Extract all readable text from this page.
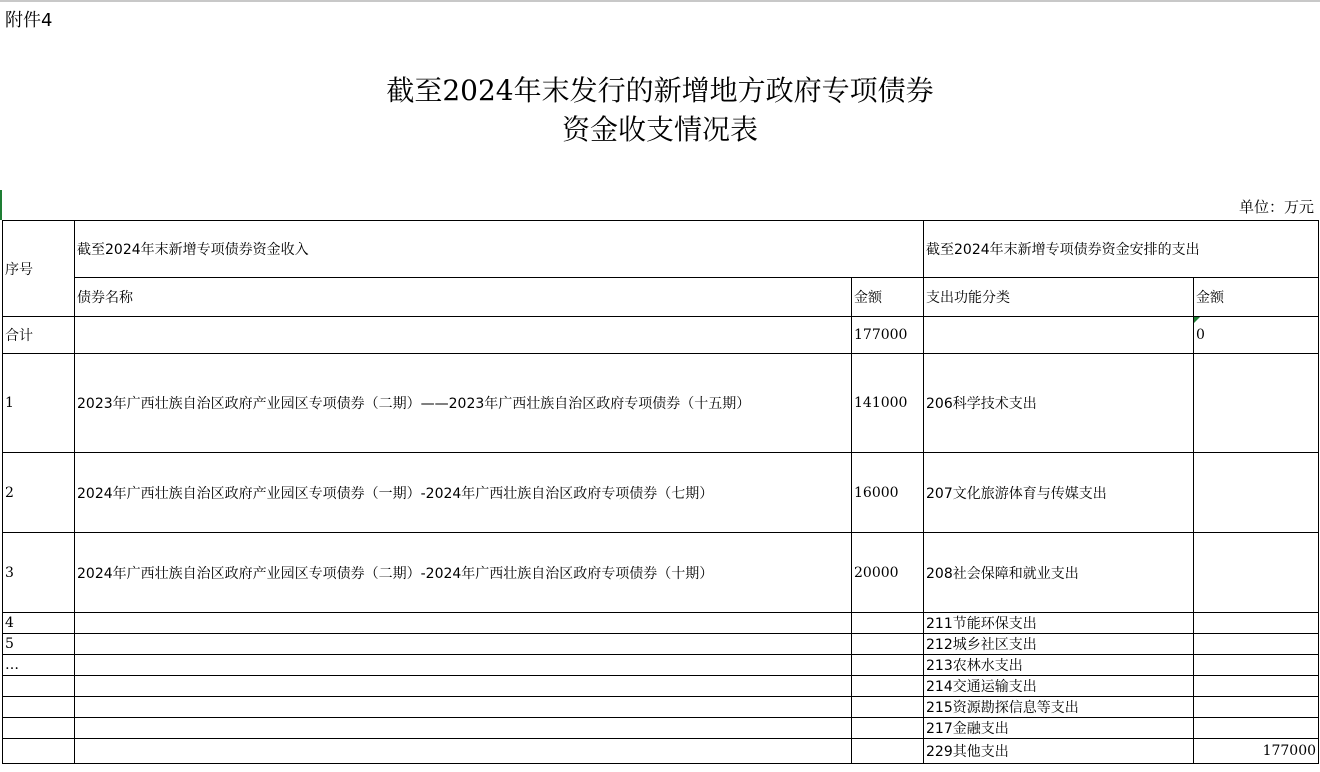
附件4
截至2024年末发行的新增地方政府专项债券
资金收支情况表
单位：万元
序号	截至2024年末新增专项债券资金收入		截至2024年末新增专项债券资金安排的支出	
	债券名称	金额	支出功能分类	金额
合计		177000		0
1	2023年广西壮族自治区政府产业园区专项债券（二期）——2023年广西壮族自治区政府专项债券（十五期）	141000	206科学技术支出	
2	2024年广西壮族自治区政府产业园区专项债券（一期）-2024年广西壮族自治区政府专项债券（七期）	16000	207文化旅游体育与传媒支出	
3	2024年广西壮族自治区政府产业园区专项债券（二期）-2024年广西壮族自治区政府专项债券（十期）	20000	208社会保障和就业支出	
4			211节能环保支出	
5			212城乡社区支出	
…			213农林水支出	
			214交通运输支出	
			215资源勘探信息等支出	
			217金融支出	
			229其他支出	177000
